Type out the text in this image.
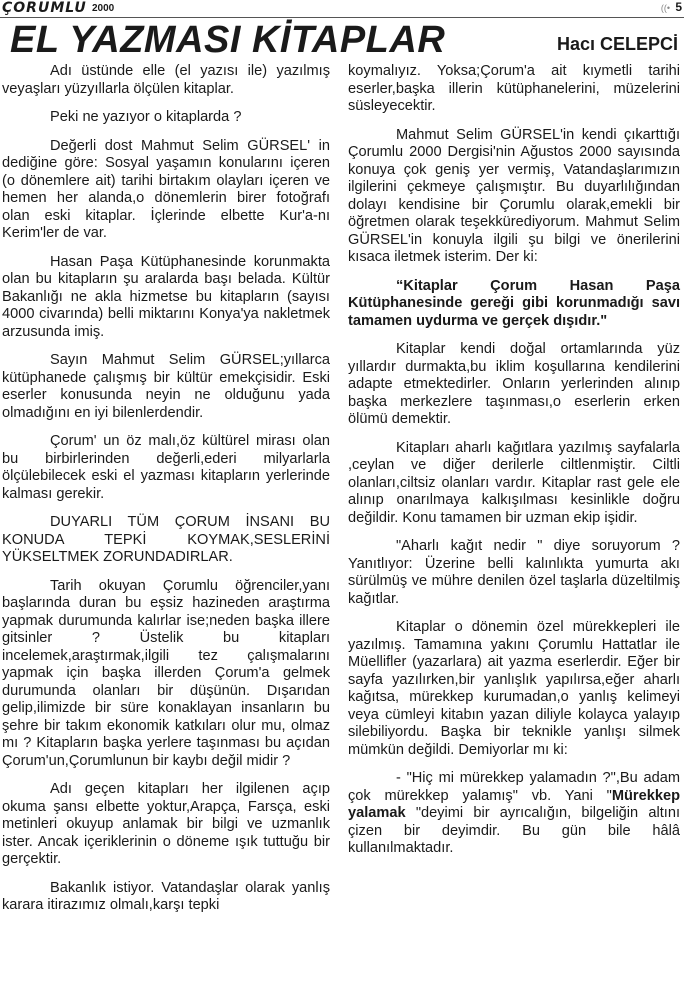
ÇORUMLU 2000	((• 5
EL YAZMASI KİTAPLAR	Hacı CELEPCİ

Adı üstünde elle (el yazısı ile) yazılmış veyaşları yüzyıllarla ölçülen kitaplar.

Peki ne yazıyor o kitaplarda ?

Değerli dost Mahmut Selim GÜRSEL' in dediğine göre: Sosyal yaşamın konularını içeren (o dönemlere ait) tarihi birtakım olayları içeren ve hemen her alanda,o dönemlerin birer fotoğrafı olan eski kitaplar. İçlerinde elbette Kur'a-nı Kerim'ler de var.

Hasan Paşa Kütüphanesinde korunmakta olan bu kitapların şu aralarda başı belada. Kültür Bakanlığı ne akla hizmetse bu kitapların (sayısı 4000 civarında) belli miktarını Konya'ya nakletmek arzusunda imiş.

Sayın Mahmut Selim GÜRSEL;yıllarca kütüphanede çalışmış bir kültür emekçisidir. Eski eserler konusunda neyin ne olduğunu yada olmadığını en iyi bilenlerdendir.

Çorum' un öz malı,öz kültürel mirası olan bu birbirlerinden değerli,ederi milyarlarla ölçülebilecek eski el yazması kitapların yerlerinde kalması gerekir.

DUYARLI TÜM ÇORUM İNSANI BU KONUDA TEPKİ KOYMAK,SESLERİNİ YÜKSELTMEK ZORUNDADIRLAR.

Tarih okuyan Çorumlu öğrenciler,yanı başlarında duran bu eşsiz hazineden araştırma yapmak durumunda kalırlar ise;neden başka illere gitsinler ? Üstelik bu kitapları incelemek,araştırmak,ilgili tez çalışmalarını yapmak için başka illerden Çorum'a gelmek durumunda olanları bir düşünün. Dışarıdan gelip,ilimizde bir süre konaklayan insanların bu şehre bir takım ekonomik katkıları olur mu, olmaz mı ? Kitapların başka yerlere taşınması bu açıdan Çorum'un,Çorumlunun bir kaybı değil midir ?

Adı geçen kitapları her ilgilenen açıp okuma şansı elbette yoktur,Arapça, Farsça, eski metinleri okuyup anlamak bir bilgi ve uzmanlık ister. Ancak içeriklerinin o döneme ışık tuttuğu bir gerçektir.

Bakanlık istiyor. Vatandaşlar olarak yanlış karara itirazımız olmalı,karşı tepki

koymalıyız. Yoksa;Çorum'a ait kıymetli tarihi eserler,başka illerin kütüphanelerini, müzelerini süsleyecektir.

Mahmut Selim GÜRSEL'in kendi çıkarttığı Çorumlu 2000 Dergisi'nin Ağustos 2000 sayısında konuya çok geniş yer vermiş, Vatandaşlarımızın ilgilerini çekmeye çalışmıştır. Bu duyarlılığından dolayı kendisine bir Çorumlu olarak,emekli bir öğretmen olarak teşekkürediyorum. Mahmut Selim GÜRSEL'in konuyla ilgili şu bilgi ve önerilerini kısaca iletmek isterim. Der ki:

“Kitaplar Çorum Hasan Paşa Kütüphanesinde gereği gibi korunmadığı savı tamamen uydurma ve gerçek dışıdır."

Kitaplar kendi doğal ortamlarında yüz yıllardır durmakta,bu iklim koşullarına kendilerini adapte etmektedirler. Onların yerlerinden alınıp başka merkezlere taşınması,o eserlerin erken ölümü demektir.

Kitapları aharlı kağıtlara yazılmış sayfalarla ,ceylan ve diğer derilerle ciltlenmiştir. Ciltli olanları,ciltsiz olanları vardır. Kitaplar rast gele ele alınıp onarılmaya kalkışılması kesinlikle doğru değildir. Konu tamamen bir uzman ekip işidir.

"Aharlı kağıt nedir " diye soruyorum ? Yanıtlıyor: Üzerine belli kalınlıkta yumurta akı sürülmüş ve mühre denilen özel taşlarla düzeltilmiş kağıtlar.

Kitaplar o dönemin özel mürekkepleri ile yazılmış. Tamamına yakını Çorumlu Hattatlar ile Müellifler (yazarlara) ait yazma eserlerdir. Eğer bir sayfa yazılırken,bir yanlışlık yapılırsa,eğer aharlı kağıtsa, mürekkep kurumadan,o yanlış kelimeyi veya cümleyi kitabın yazan diliyle kolayca yalayıp silebiliyordu. Başka bir teknikle yanlışı silmek mümkün değildi. Demiyorlar mı ki:

- "Hiç mi mürekkep yalamadın ?",Bu adam çok mürekkep yalamış" vb. Yani "Mürekkep yalamak "deyimi bir ayrıcalığın, bilgeliğin altını çizen bir deyimdir. Bu gün bile hâlâ kullanılmaktadır.
